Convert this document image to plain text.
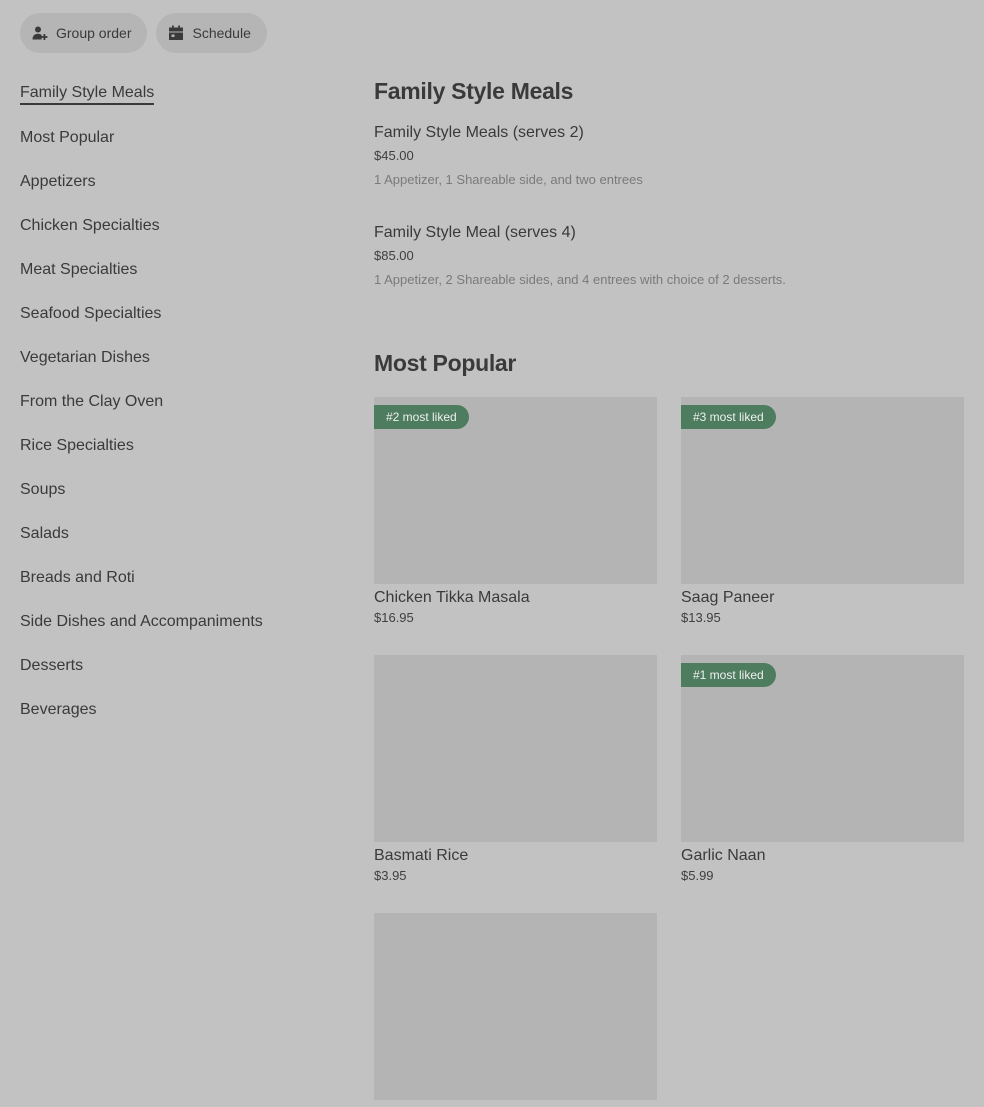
Group order	Schedule
Family Style Meals
Most Popular
Appetizers
Chicken Specialties
Meat Specialties
Seafood Specialties
Vegetarian Dishes
From the Clay Oven
Rice Specialties
Soups
Salads
Breads and Roti
Side Dishes and Accompaniments
Desserts
Beverages
Family Style Meals
Family Style Meals (serves 2)
$45.00
1 Appetizer, 1 Shareable side, and two entrees
Family Style Meal (serves 4)
$85.00
1 Appetizer, 2 Shareable sides, and 4 entrees with choice of 2 desserts.
Most Popular
#2 most liked
Chicken Tikka Masala
$16.95
#3 most liked
Saag Paneer
$13.95
Basmati Rice
$3.95
#1 most liked
Garlic Naan
$5.99
